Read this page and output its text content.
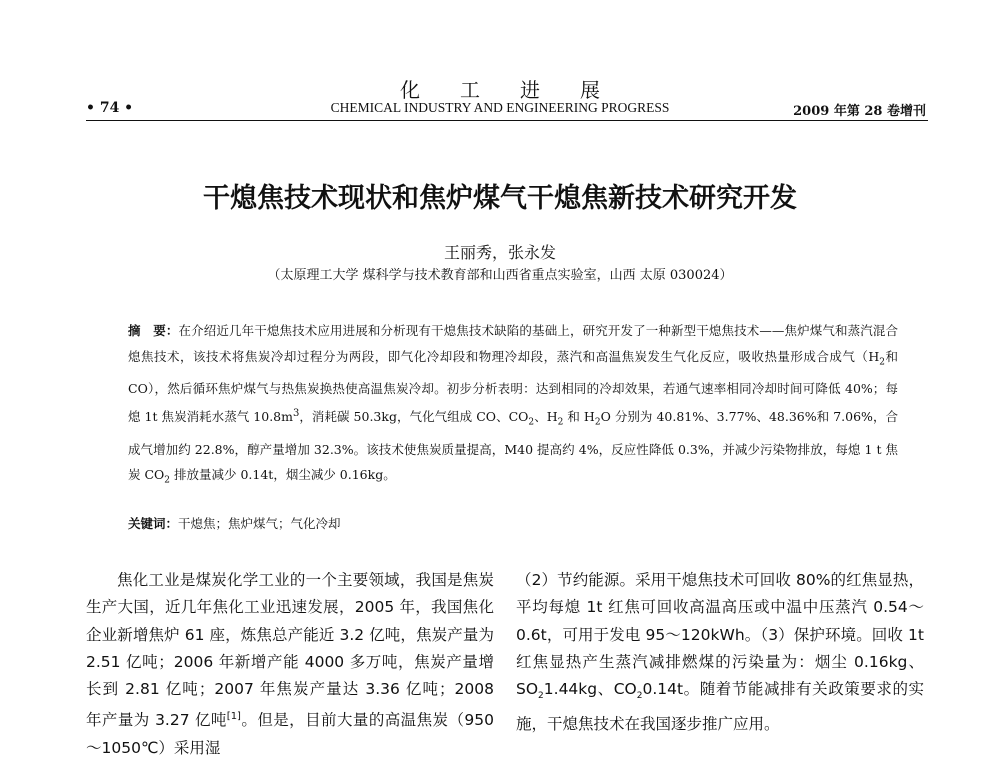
化工进展
• 74 •	CHEMICAL INDUSTRY AND ENGINEERING PROGRESS	2009 年第 28 卷增刊
干熄焦技术现状和焦炉煤气干熄焦新技术研究开发
王丽秀，张永发
（太原理工大学 煤科学与技术教育部和山西省重点实验室，山西 太原 030024）
摘　要：在介绍近几年干熄焦技术应用进展和分析现有干熄焦技术缺陷的基础上，研究开发了一种新型干熄焦技术——焦炉煤气和蒸汽混合熄焦技术，该技术将焦炭冷却过程分为两段，即气化冷却段和物理冷却段，蒸汽和高温焦炭发生气化反应，吸收热量形成合成气（$H_2$和 CO），然后循环焦炉煤气与热焦炭换热使高温焦炭冷却。初步分析表明：达到相同的冷却效果，若通气速率相同冷却时间可降低 40%；每熄 1t 焦炭消耗水蒸气 $10.8m^3$，消耗碳 50.3kg，气化气组成 CO、$CO_2$、$H_2$ 和 $H_2O$ 分别为 40.81%、3.77%、48.36%和 7.06%，合成气增加约 22.8%，醇产量增加 32.3%。该技术使焦炭质量提高，M40 提高约 4%，反应性降低 0.3%，并减少污染物排放，每熄 1 t 焦炭 $CO_2$ 排放量减少 0.14t，烟尘减少 0.16kg。
关键词：干熄焦；焦炉煤气；气化冷却
焦化工业是煤炭化学工业的一个主要领域，我国是焦炭生产大国，近几年焦化工业迅速发展，2005 年，我国焦化企业新增焦炉 61 座，炼焦总产能近 3.2 亿吨，焦炭产量为 2.51 亿吨；2006 年新增产能 4000 多万吨，焦炭产量增长到 2.81 亿吨；2007 年焦炭产量达 3.36 亿吨；2008 年产量为 3.27 亿吨[1]。但是，目前大量的高温焦炭（950～1050℃）采用湿
（2）节约能源。采用干熄焦技术可回收 80%的红焦显热，平均每熄 1t 红焦可回收高温高压或中温中压蒸汽 0.54～0.6t，可用于发电 95～120kWh。（3）保护环境。回收 1t 红焦显热产生蒸汽减排燃煤的污染量为：烟尘 0.16kg、$SO_21.44kg$、$CO_20.14t$。随着节能减排有关政策要求的实施，干熄焦技术在我国逐步推广应用。
